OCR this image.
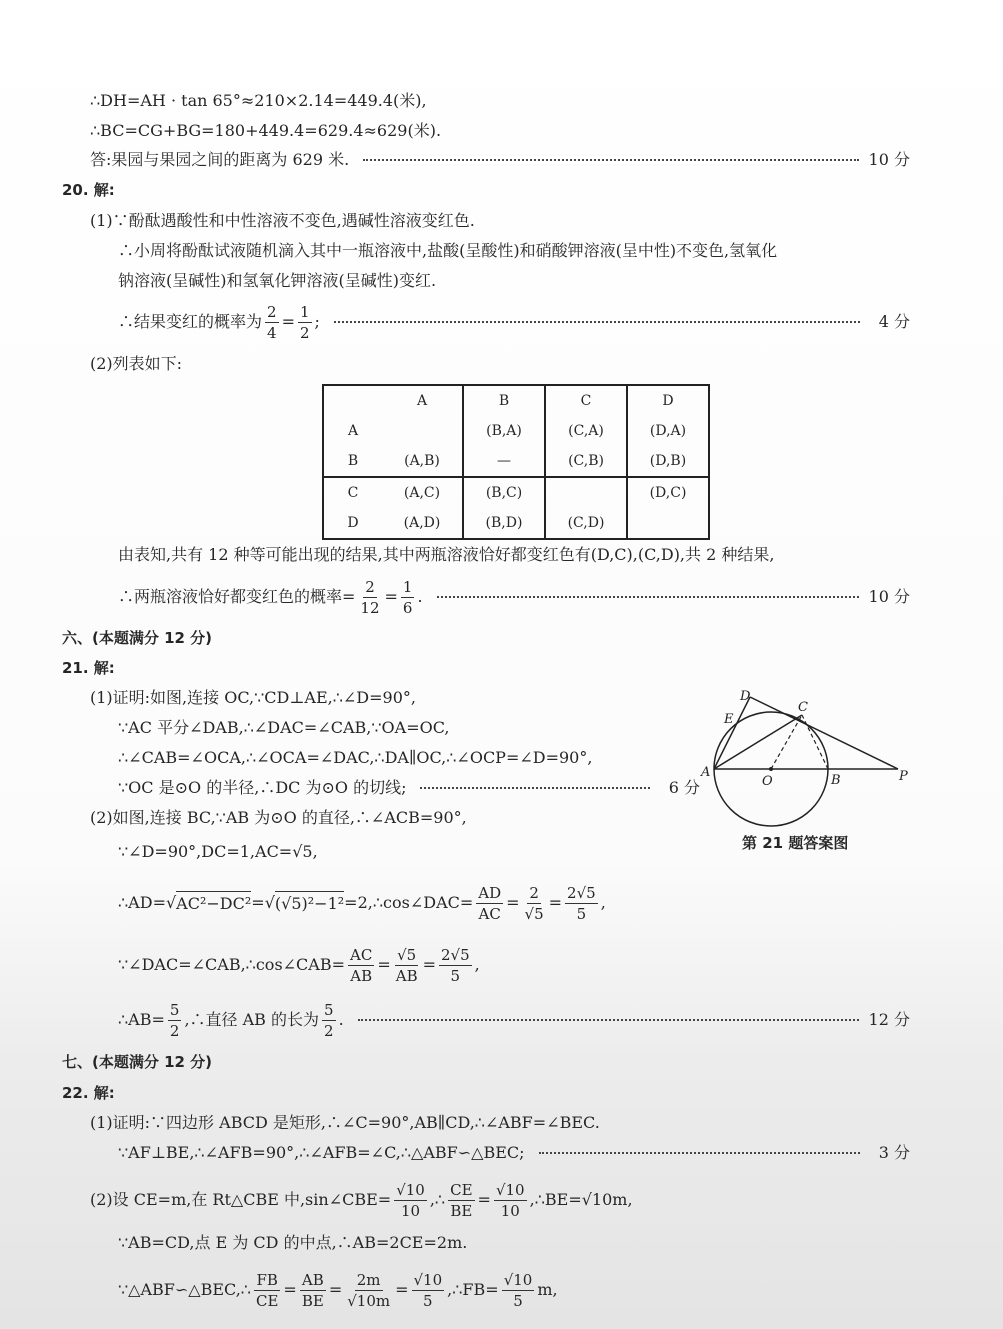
∴DH=AH · tan 65°≈210×2.14=449.4(米),
∴BC=CG+BG=180+449.4=629.4≈629(米).
答:果园与果园之间的距离为 629 米.	10 分
20. 解:
(1)∵酚酞遇酸性和中性溶液不变色,遇碱性溶液变红色.
∴小周将酚酞试液随机滴入其中一瓶溶液中,盐酸(呈酸性)和硝酸钾溶液(呈中性)不变色,氢氧化
钠溶液(呈碱性)和氢氧化钾溶液(呈碱性)变红.
∴结果变红的概率为 $\frac{2}{4} = \frac{1}{2}$ ;	4 分
(2)列表如下:
由表知,共有 12 种等可能出现的结果,其中两瓶溶液恰好都变红色有(D,C),(C,D),共 2 种结果,
∴两瓶溶液恰好都变红色的概率= $\frac{2}{12} = \frac{1}{6}$ .	10 分
六、(本题满分 12 分)
21. 解:
(1)证明:如图,连接 OC,∵CD⊥AE,∴∠D=90°,
∵AC 平分∠DAB,∴∠DAC=∠CAB,∵OA=OC,
∴∠CAB=∠OCA,∴∠OCA=∠DAC,∴DA∥OC,∴∠OCP=∠D=90°,
∵OC 是⊙O 的半径,∴DC 为⊙O 的切线;	6 分
(2)如图,连接 BC,∵AB 为⊙O 的直径,∴∠ACB=90°,
∵∠D=90°,DC=1,AC=√5,
∴AD=√ AC²−DC² =√ (√5)²−1² =2,∴cos∠DAC= $\frac{AD}{AC} = \frac{2}{√5} = \frac{2√5}{5}$ ,
∵∠DAC=∠CAB,∴cos∠CAB= $\frac{AC}{AB} = \frac{√5}{AB} = \frac{2√5}{5}$ ,
∴AB= $\frac{5}{2}$ ,∴直径 AB 的长为 $\frac{5}{2}$ .	12 分
七、(本题满分 12 分)
22. 解:
(1)证明:∵四边形 ABCD 是矩形,∴∠C=90°,AB∥CD,∴∠ABF=∠BEC.
∵AF⊥BE,∴∠AFB=90°,∴∠AFB=∠C,∴△ABF∽△BEC;	3 分
(2)设 CE=m,在 Rt△CBE 中,sin∠CBE= $\frac{√10}{10}$ ,∴ $\frac{CE}{BE} = \frac{√10}{10}$ ,∴BE=√10m,
∵AB=CD,点 E 为 CD 的中点,∴AB=2CE=2m.
∵△ABF∽△BEC,∴ $\frac{FB}{CE} = \frac{AB}{BE} = \frac{2m}{√10m} = \frac{√10}{5}$ ,∴FB= $\frac{√10}{5} m$,
	A	B	C	D
A		(B,A)	(C,A)	(D,A)
B	(A,B)	—	(C,B)	(D,B)
C	(A,C)	(B,C)		(D,C)
D	(A,D)	(B,D)	(C,D)	
A
O	B	P
C
D
E
第 21 题答案图
